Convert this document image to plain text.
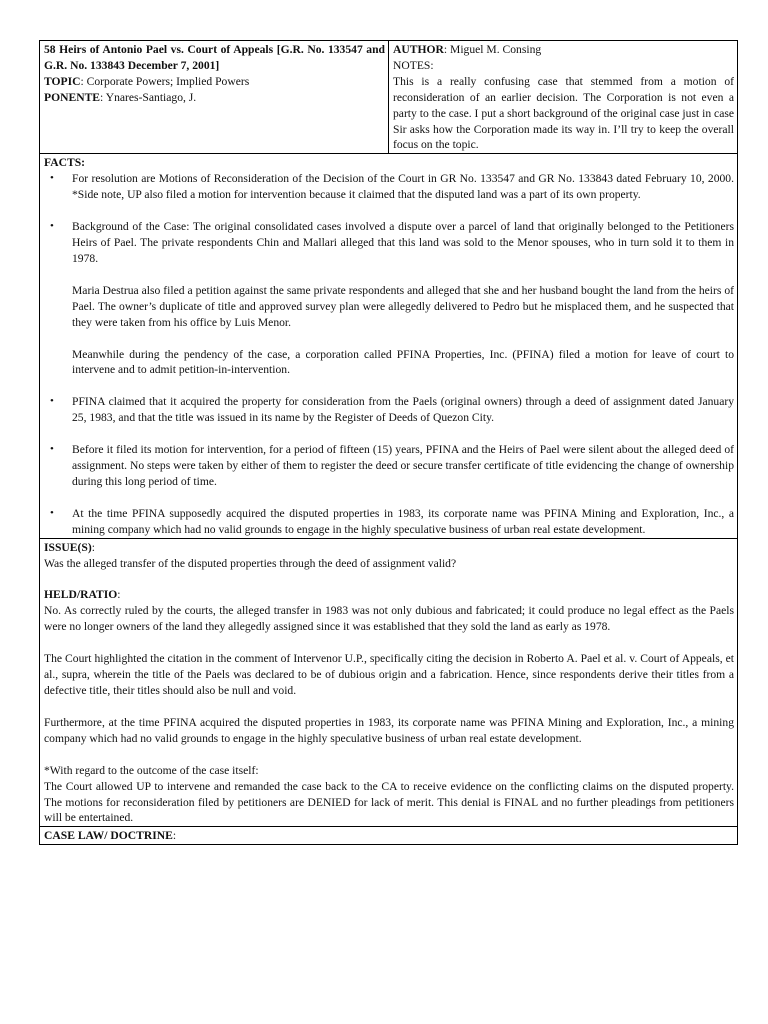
58 Heirs of Antonio Pael vs. Court of Appeals [G.R. No. 133547 and G.R. No. 133843 December 7, 2001]

TOPIC: Corporate Powers; Implied Powers
PONENTE: Ynares-Santiago, J.

AUTHOR: Miguel M. Consing
NOTES:

This is a really confusing case that stemmed from a motion of reconsideration of an earlier decision. The Corporation is not even a party to the case. I put a short background of the original case just in case Sir asks how the Corporation made its way in. I’ll try to keep the overall focus on the topic.

FACTS:
• For resolution are Motions of Reconsideration of the Decision of the Court in GR No. 133547 and GR No. 133843 dated February 10, 2000. *Side note, UP also filed a motion for intervention because it claimed that the disputed land was a part of its own property.

• Background of the Case: The original consolidated cases involved a dispute over a parcel of land that originally belonged to the Petitioners Heirs of Pael. The private respondents Chin and Mallari alleged that this land was sold to the Menor spouses, who in turn sold it to them in 1978.

Maria Destrua also filed a petition against the same private respondents and alleged that she and her husband bought the land from the heirs of Pael. The owner’s duplicate of title and approved survey plan were allegedly delivered to Pedro but he misplaced them, and he suspected that they were taken from his office by Luis Menor.

Meanwhile during the pendency of the case, a corporation called PFINA Properties, Inc. (PFINA) filed a motion for leave of court to intervene and to admit petition-in-intervention.

• PFINA claimed that it acquired the property for consideration from the Paels (original owners) through a deed of assignment dated January 25, 1983, and that the title was issued in its name by the Register of Deeds of Quezon City.

• Before it filed its motion for intervention, for a period of fifteen (15) years, PFINA and the Heirs of Pael were silent about the alleged deed of assignment. No steps were taken by either of them to register the deed or secure transfer certificate of title evidencing the change of ownership during this long period of time.

• At the time PFINA supposedly acquired the disputed properties in 1983, its corporate name was PFINA Mining and Exploration, Inc., a mining company which had no valid grounds to engage in the highly speculative business of urban real estate development.

ISSUE(S):

Was the alleged transfer of the disputed properties through the deed of assignment valid?

HELD/RATIO:

No. As correctly ruled by the courts, the alleged transfer in 1983 was not only dubious and fabricated; it could produce no legal effect as the Paels were no longer owners of the land they allegedly assigned since it was established that they sold the land as early as 1978.

The Court highlighted the citation in the comment of Intervenor U.P., specifically citing the decision in Roberto A. Pael et al. v. Court of Appeals, et al., supra, wherein the title of the Paels was declared to be of dubious origin and a fabrication. Hence, since respondents derive their titles from a defective title, their titles should also be null and void.

Furthermore, at the time PFINA acquired the disputed properties in 1983, its corporate name was PFINA Mining and Exploration, Inc., a mining company which had no valid grounds to engage in the highly speculative business of urban real estate development.

*With regard to the outcome of the case itself:

The Court allowed UP to intervene and remanded the case back to the CA to receive evidence on the conflicting claims on the disputed property. The motions for reconsideration filed by petitioners are DENIED for lack of merit. This denial is FINAL and no further pleadings from petitioners will be entertained.

CASE LAW/ DOCTRINE:
